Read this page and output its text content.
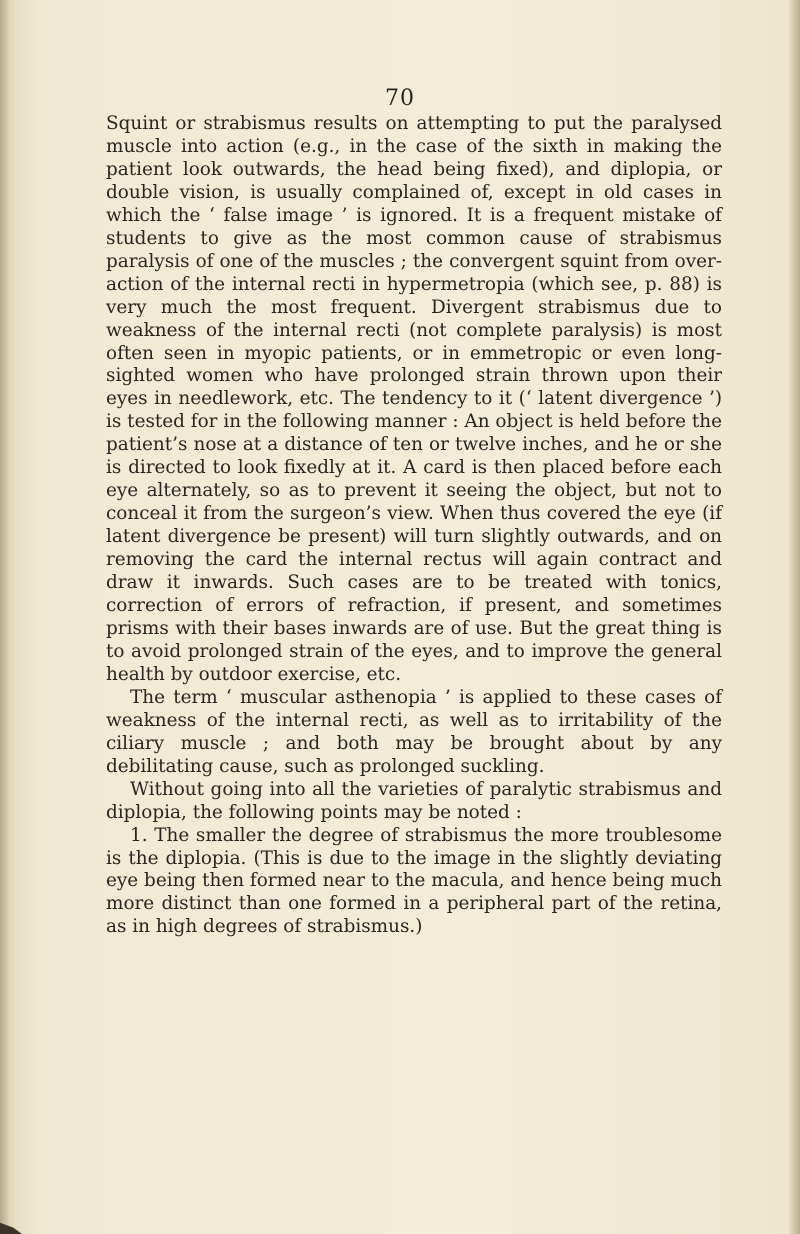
70

Squint or strabismus results on attempting to put the paralysed muscle into action (e.g., in the case of the sixth in making the patient look outwards, the head being fixed), and diplopia, or double vision, is usually complained of, except in old cases in which the ‘ false image ’ is ignored. It is a frequent mistake of students to give as the most common cause of strabismus paralysis of one of the muscles ; the convergent squint from over-action of the internal recti in hypermetropia (which see, p. 88) is very much the most frequent. Divergent strabismus due to weakness of the internal recti (not complete paralysis) is most often seen in myopic patients, or in emmetropic or even long-sighted women who have prolonged strain thrown upon their eyes in needlework, etc. The tendency to it (‘ latent divergence ’) is tested for in the following manner : An object is held before the patient’s nose at a distance of ten or twelve inches, and he or she is directed to look fixedly at it. A card is then placed before each eye alternately, so as to prevent it seeing the object, but not to conceal it from the surgeon’s view. When thus covered the eye (if latent divergence be present) will turn slightly outwards, and on removing the card the internal rectus will again contract and draw it inwards. Such cases are to be treated with tonics, correction of errors of refraction, if present, and sometimes prisms with their bases inwards are of use. But the great thing is to avoid prolonged strain of the eyes, and to improve the general health by outdoor exercise, etc.

The term ‘ muscular asthenopia ’ is applied to these cases of weakness of the internal recti, as well as to irritability of the ciliary muscle ; and both may be brought about by any debilitating cause, such as prolonged suckling.

Without going into all the varieties of paralytic strabismus and diplopia, the following points may be noted :

1. The smaller the degree of strabismus the more troublesome is the diplopia. (This is due to the image in the slightly deviating eye being then formed near to the macula, and hence being much more distinct than one formed in a peripheral part of the retina, as in high degrees of strabismus.)
